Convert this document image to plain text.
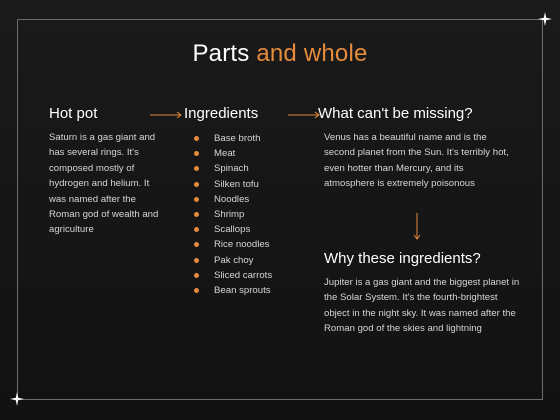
Parts and whole
Hot pot
Saturn is a gas giant and has several rings. It's composed mostly of hydrogen and helium. It was named after the Roman god of wealth and agriculture
Ingredients
Base broth
Meat
Spinach
Silken tofu
Noodles
Shrimp
Scallops
Rice noodles
Pak choy
Sliced carrots
Bean sprouts
What can't be missing?
Venus has a beautiful name and is the second planet from the Sun. It's terribly hot, even hotter than Mercury, and its atmosphere is extremely poisonous
Why these ingredients?
Jupiter is a gas giant and the biggest planet in the Solar System. It's the fourth-brightest object in the night sky. It was named after the Roman god of the skies and lightning
